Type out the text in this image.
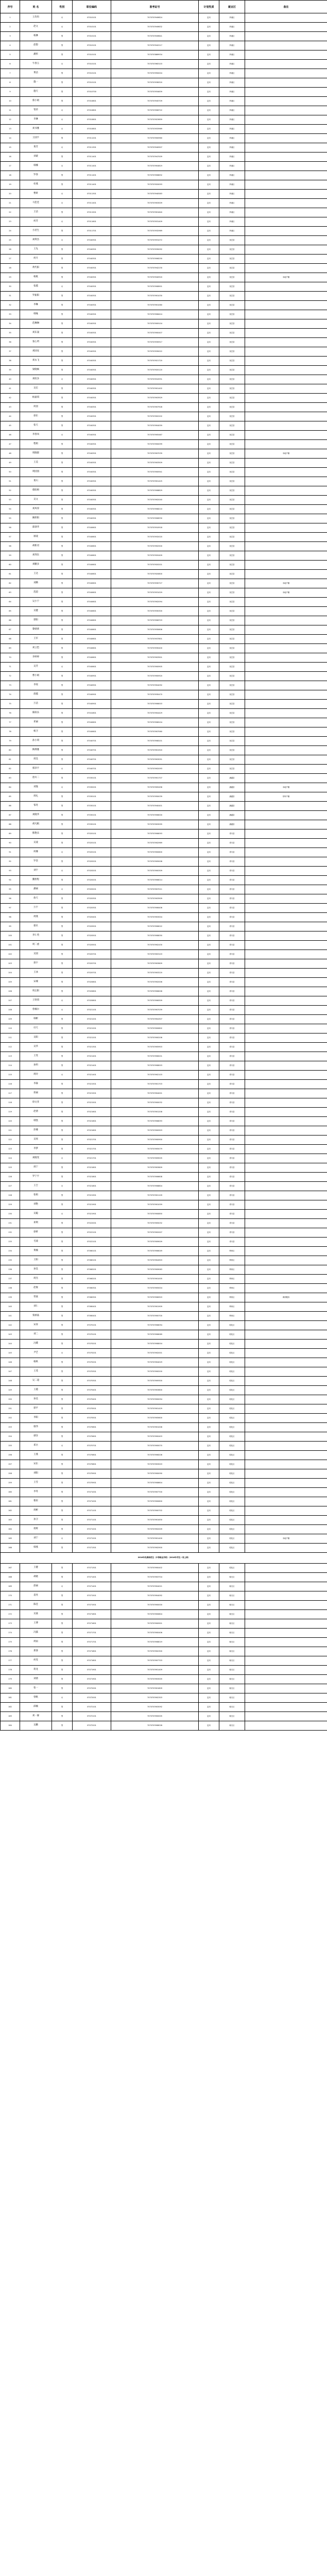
序号	姓 名	性别	职位编码	准考证号	计划性质	就业区	备注
1	王均均	女	07010101	7070703949824	定向	芗溪区	
2	赵文	女	07010101	7070703949832	定向	芗溪区	
3	杨淋	男	07010101	7070703949841	定向	芗溪区	
4	赵想	男	07010101	7070703942217	定向	芗溪区	
5	潘彤	男	07010101	7070703869934	定向	芗溪区	
6	牛春玉	女	07010101	7070703963103	定向	芗溪区	
7	黄洁	男	07010101	7070703950004	定向	芗溪区	
8	施一	男	07010101	7070703936320	定向	芗溪区	
9	施天	男	07010700	7070703934639	定向	芗溪区	
10	蔡小娟	男	07010801	7070703945709	定向	芗溪区	
11	邹荣	女	07010801	7070703906722	定向	芗溪区	
12	李淋	女	07010801	7070703923659	定向	芗溪区	
13	刘书雅	女	07010801	7070703933969	定向	芗溪区	
14	王国宇	男	07011201	7070703900960	定向	芗溪区	
15	黄芳	女	07011301	7070703940907	定向	芗溪区	
16	刘蒙	男	07011401	7070703947009	定向	芗溪区	
17	韩娜	女	07011401	7070703904619	定向	芗溪区	
18	罗春	男	07011401	7070703906632	定向	芗溪区	
19	杜燕	男	07011401	7070703920093	定向	芗溪区	
20	曹妍	女	07011301	7070703940583	定向	芗溪区	
21	马佳佳	女	07011401	7070703903009	定向	芗溪区	
22	王洁	男	07011501	7070703901640	定向	芗溪区	
23	何芳	女	07011601	7070703931409	定向	芗溪区	
24	方君生	男	07011701	7070703932969	定向	芗溪区	
25	刘利杰	女	07040301	7070703931072	定向	祝芷县	
26	王先	男	07040301	7070703930092	定向	祝芷县	
27	何月	男	07040301	7070703906250	定向	祝芷县	
28	黄代阳	男	07040301	7070703942230	定向	祝芷县	
29	杨航	男	07040301	7070703940920	定向	祝芷县	本地户籍
30	张越	女	07040301	7070703908901	定向	祝芷县	
31	罗振阳	男	07040301	7070703901030	定向	祝芷县	
32	李琳	男	07040301	7070703901060	定向	祝芷县	
33	韩缘	男	07040301	7070703908424	定向	祝芷县	
34	范琳琳	男	07040301	7070703909104	定向	祝芷县	
35	刘东晟	男	07040301	7070703900407	定向	祝芷县	
36	张心玥	男	07040301	7070703930917	定向	祝芷县	
37	刘国安	男	07040301	7070703930022	定向	祝芷县	
38	刘永飞	男	07040301	7070703921720	定向	祝芷县	
39	梁晓枫	男	07040301	7070703920120	定向	祝芷县	
40	刘绍多	女	07040301	7070703910931	定向	祝芷县	
41	吴宏	男	07040301	7070703901402	定向	祝芷县	
42	杨嘉琪	男	07040301	7070703903929	定向	祝芷县	
43	何园	男	07040301	7070703907928	定向	祝芷县	
44	徐东	男	07040301	7070703902202	定向	祝芷县	
45	张天	男	07040301	7070703904059	定向	祝芷县	
46	李春凤	女	07040301	7070703905467	定向	祝芷县	
47	程娟	男	07040301	7070703900099	定向	祝芷县	
48	周晓群	男	07040301	7070703907039	定向	祝芷县	本地户籍
49	王美	男	07040301	7070703903509	定向	祝芷县	
50	周园园	男	07040301	7070703900941	定向	祝芷县	
51	黄川	男	07040301	7070703901425	定向	祝芷县	
52	蔡阳姆	男	07040301	7070703908829	定向	祝芷县	
53	吴文	男	07040301	7070703902040	定向	祝芷县	
54	刘凤厚	男	07040301	7070703908210	定向	祝芷县	
55	姚娇阳	男	07040301	7070703906930	定向	祝芷县	
56	邵睿华	男	07040601	7070703910918	定向	祝芷县	
57	屠凌	男	07040601	7070703932020	定向	祝芷县	
58	胡新君	男	07040601	7070703902500	定向	祝芷县	
59	刘剑东	男	07040601	7070703920409	定向	祝芷县	
60	刘鹏多	男	07040601	7070703920201	定向	祝芷县	
61	王达	男	07040601	7070703920800	定向	祝芷县	
62	刘腾	男	07040601	7070703930727	定向	祝芷县	本地户籍
63	范超	男	07040601	7070703931029	定向	祝芷县	本地户籍
64	吴小宁	男	07040601	7070703902094	定向	祝芷县	
65	吴健	男	07040601	7070703930300	定向	祝芷县	
66	郭阳	男	07040601	7070703906703	定向	祝芷县	
67	黎婧蕾	男	07040601	7070703930606	定向	祝芷县	
68	王军	男	07040601	7070703937801	定向	祝芷县	
69	刘云恺	男	07040601	7070703930400	定向	祝芷县	
70	李婷婷	男	07040601	7070703903901	定向	祝芷县	
71	吴芳	女	07040601	7070703900905	定向	祝芷县	
72	曹小娟	男	07040901	7070703900920	定向	祝芷县	
73	李瑶	男	07040901	7070703904092	定向	祝芷县	
74	唐越	男	07040901	7070703930470	定向	祝芷县	
75	万洁	男	07040901	7070703906003	定向	祝芷县	
76	陈阳乐	男	07041601	7070703904429	定向	祝芷县	
77	邓丽	男	07040601	7070703908104	定向	祝芷县	
78	杨卫	男	07040601	7070703907060	定向	祝芷县	
79	孙小琪	男	07040701	7070703908101	定向	祝芷县	
80	陶博雅	男	07040701	7070703901920	定向	祝芷县	
81	周昊	男	07040701	7070703903051	定向	祝芷县	
82	郭泽宇	女	07040701	7070703902093	定向	祝芷县	
83	唐川二	男	07030101	7070703901707	定向	涵越县	
84	刘逸	女	07030201	7070703905496	定向	涵越县	本地户籍
85	周礼	男	07030101	7070703950039	定向	涵越县	常库户籍
86	邹冬	男	07030101	7070703940401	定向	涵越县	
87	刘晓华	男	07030101	7070703906000	定向	涵越县	
88	胡凡帆	男	07030101	7070703903095	定向	涵越县	
89	熊艳乐	男	07020101	7070703906093	定向	青川县	
90	吴凌	男	07020101	7070703902969	定向	青川县	
91	何娜	女	07020101	7070703900600	定向	青川县	
92	罗坚	男	07020201	7070703905008	定向	青川县	
93	刘宇	女	07020201	7070703900309	定向	青川县	
94	魏智程	男	07020201	7070703906014	定向	青川县	
95	潘丽	女	07020201	7070703907011	定向	青川县	
96	詹天	男	07020301	7070703903909	定向	青川县	
97	万宇	男	07020301	7070703906406	定向	青川县	
98	周燕	男	07020401	7070703903004	定向	青川县	
99	蔡贝	男	07020501	7070703906022	定向	青川县	
100	李仁英	男	07020501	7070703908050	定向	青川县	
101	周二重	男	07020501	7070703902430	定向	青川县	
102	吴园	男	07020701	7070703903103	定向	青川县	
103	蒋宇	男	07020701	7070703903609	定向	青川县	
104	王冰	男	07020701	7070703903220	定向	青川县	
105	宋城	男	07020801	7070703902006	定向	青川县	
106	周志阳	男	07020801	7070703906006	定向	青川县	
107	王铁琪	女	07020801	7070703906309	定向	青川县	
108	曾楠尔	女	07021101	7070703907039	定向	青川县	
109	韩彬	男	07021201	7070703904307	定向	青川县	
110	付天	男	07021201	7070703900802	定向	青川县	
111	吴阳	男	07021201	7070703900206	定向	青川县	
112	吴华	男	07021301	7070703905903	定向	青川县	
113	王雯	男	07021401	7070703906201	定向	青川县	
114	孙玥	男	07021401	7070703908003	定向	青川县	
115	周玲	女	07021401	7070703902103	定向	青川县	
116	李森	男	07021501	7070703901703	定向	青川县	
117	蒋丽	男	07021501	7070703904001	定向	青川县	
118	徐文亚	男	07021501	7070703900032	定向	青川县	
119	赵倩	男	07021601	7070703901208	定向	青川县	
120	韩凯	男	07021601	7070703908093	定向	青川县	
121	彭娜	男	07021601	7070703900903	定向	青川县	
122	吴瑶	男	07021701	7070703900900	定向	青川县	
123	李梦	男	07021701	7070703905079	定向	青川县	
124	刘晓雯	女	07021701	7070703909005	定向	青川县	
125	周宁	男	07021801	7070703903609	定向	青川县	
126	罗宁宇	男	07021801	7070703906608	定向	青川县	
127	王吉	女	07021801	7070703908804	定向	青川县	
128	张娟	男	07021901	7070703901109	定向	青川县	
129	刘艳	男	07021901	7070703901059	定向	青川县	
130	吴聪	女	07021901	7070703900850	定向	青川县	
131	邓利	男	07022001	7070703905032	定向	青川县	
132	徐妍	男	07022101	7070703902007	定向	青川县	
133	毛凌	男	07022101	7070703909009	定向	青川县	
134	黄楠	男	07060101	7070703906049	定向	利州区	
135	王阳	男	07060101	7070703904903	定向	利州区	
136	孙昊	男	07060201	7070703909063	定向	利州区	
137	周杰	男	07060201	7070703901005	定向	利州区	
138	赵俊	男	07060301	7070703905004	定向	利州区	
139	常嘉	男	07060301	7070703908303	定向	利州区	调剂服务
140	刘仁	男	07060401	7070703901909	定向	利州区	
141	张丽晶	男	07060401	7070703900700	定向	利州区	
142	宋涛	男	07070101	7070703908094	定向	昭化区	
143	刘二	男	07070101	7070703906069	定向	昭化区	
144	冯碟	男	07070201	7070703908004	定向	昭化区	
145	尹艺	女	07070201	7070703902001	定向	昭化区	
146	杨秋	男	07070201	7070703904029	定向	昭化区	
147	王茂	男	07070301	7070703900200	定向	昭化区	
148	吴二超	男	07070301	7070703909300	定向	昭化区	
149	王越	男	07070401	7070703903800	定向	昭化区	
150	孙美	男	07070401	7070703900094	定向	昭化区	
151	郭平	男	07070501	7070703901429	定向	昭化区	
152	李阳	男	07070501	7070703905600	定向	昭化区	
153	康伟	男	07070601	7070703901006	定向	昭化区	
154	谭洋	男	07070601	7070703900403	定向	昭化区	
155	邓兵	女	07070701	7070703900070	定向	昭化区	
156	王燕	男	07070801	7070703906206	定向	昭化区	
157	宋东	男	07070801	7070703903003	定向	昭化区	
158	刘阳	男	07070901	7070703900090	定向	昭化区	
159	王雪	男	07070901	7070703908604	定向	昭化区	
160	李冬	男	07071001	7070703907700	定向	昭化区	
161	曹彤	男	07071001	7070703900600	定向	昭化区	
162	周彬	男	07071101	7070703900702	定向	昭化区	
163	孙卫	男	07071101	7070703901630	定向	昭化区	
164	蒋辉	男	07071201	7070703902009	定向	昭化区	
165	刘宁	女	07071201	7070703901400	定向	昭化区	本地户籍
166	韩燕	男	07071301	7070703902900	定向	昭化区	
2016年免费师范生（中等职业学校）（2016年考生一表上格）							
167	王健	男	07071301	7070703900402	定向	昭化区	
168	胡晓	男	07071401	7070703903704	定向	朝天区	
169	唐丽	女	07071401	7070703904021	定向	朝天区	
170	袁亮	男	07071501	7070703904092	定向	朝天区	
171	陈佳	男	07071501	7070703900000	定向	朝天区	
172	吴嘉	男	07071601	7070703900804	定向	朝天区	
173	王博	男	07071601	7070703900901	定向	朝天区	
174	冯露	男	07071701	7070703900406	定向	朝天区	
175	周雨	男	07071701	7070703908019	定向	朝天区	
176	郑睿	男	07071801	7070703902300	定向	朝天区	
177	何雯	男	07071801	7070703907703	定向	朝天区	
178	蒋龙	男	07071901	7070703901409	定向	朝天区	
179	刘倩	男	07071901	7070703903005	定向	朝天区	
180	张一	男	07072001	7070703901809	定向	朝天区	
181	曾帆	女	07072001	7070703902303	定向	朝天区	
182	邱楠	男	07072101	7070703903092	定向	朝天区	
183	刘一霖	男	07072101	7070703900005	定向	朝天区	
184	吴鹏	男	07072201	7070703908028	定向	朝天区	
